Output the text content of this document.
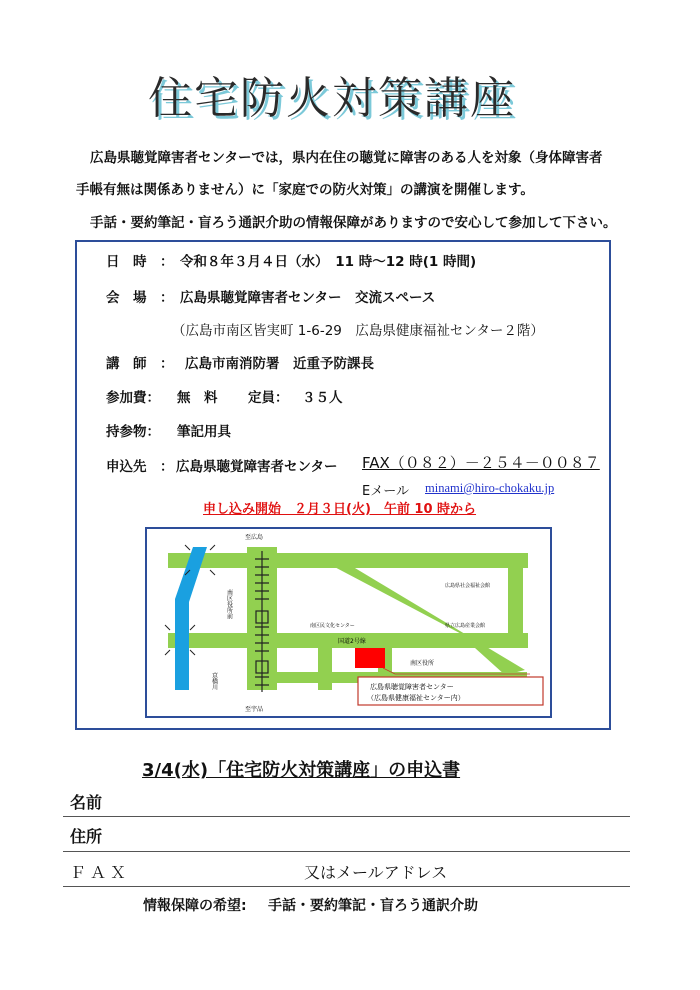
住宅防火対策講座
広島県聴覚障害者センターでは，県内在住の聴覚に障害のある人を対象（身体障害者
手帳有無は関係ありません）に「家庭での防火対策」の講演を開催します。
手話・要約筆記・盲ろう通訳介助の情報保障がありますので安心して参加して下さい。
日　時　： 令和８年３月４日（水）　11 時～12 時(1 時間)
会　場　： 広島県聴覚障害者センター　交流スペース
（広島市南区皆実町 1-6-29　広島県健康福祉センター２階）
講　師　： 広島市南消防署　近重予防課長
参加費： 無　料 定員： ３５人
持参物： 筆記用具
申込先　： 広島県聴覚障害者センター FAX（０８２）－２５４－００８７
Eメール minami@hiro-chokaku.jp
申し込み開始　２月３日(火)　午前 10 時から
至広島
至宇品
南区役所前
京橋川
南区民文化センター
広島県社会福祉会館
県立広島産業会館
国道2号線
南区役所
広島県聴覚障害者センター
（広島県健康福祉センター内）
3/4(水)「住宅防火対策講座」の申込書
名前
住所
ＦＡＸ	又はメールアドレス
情報保障の希望: 手話・要約筆記・盲ろう通訳介助
